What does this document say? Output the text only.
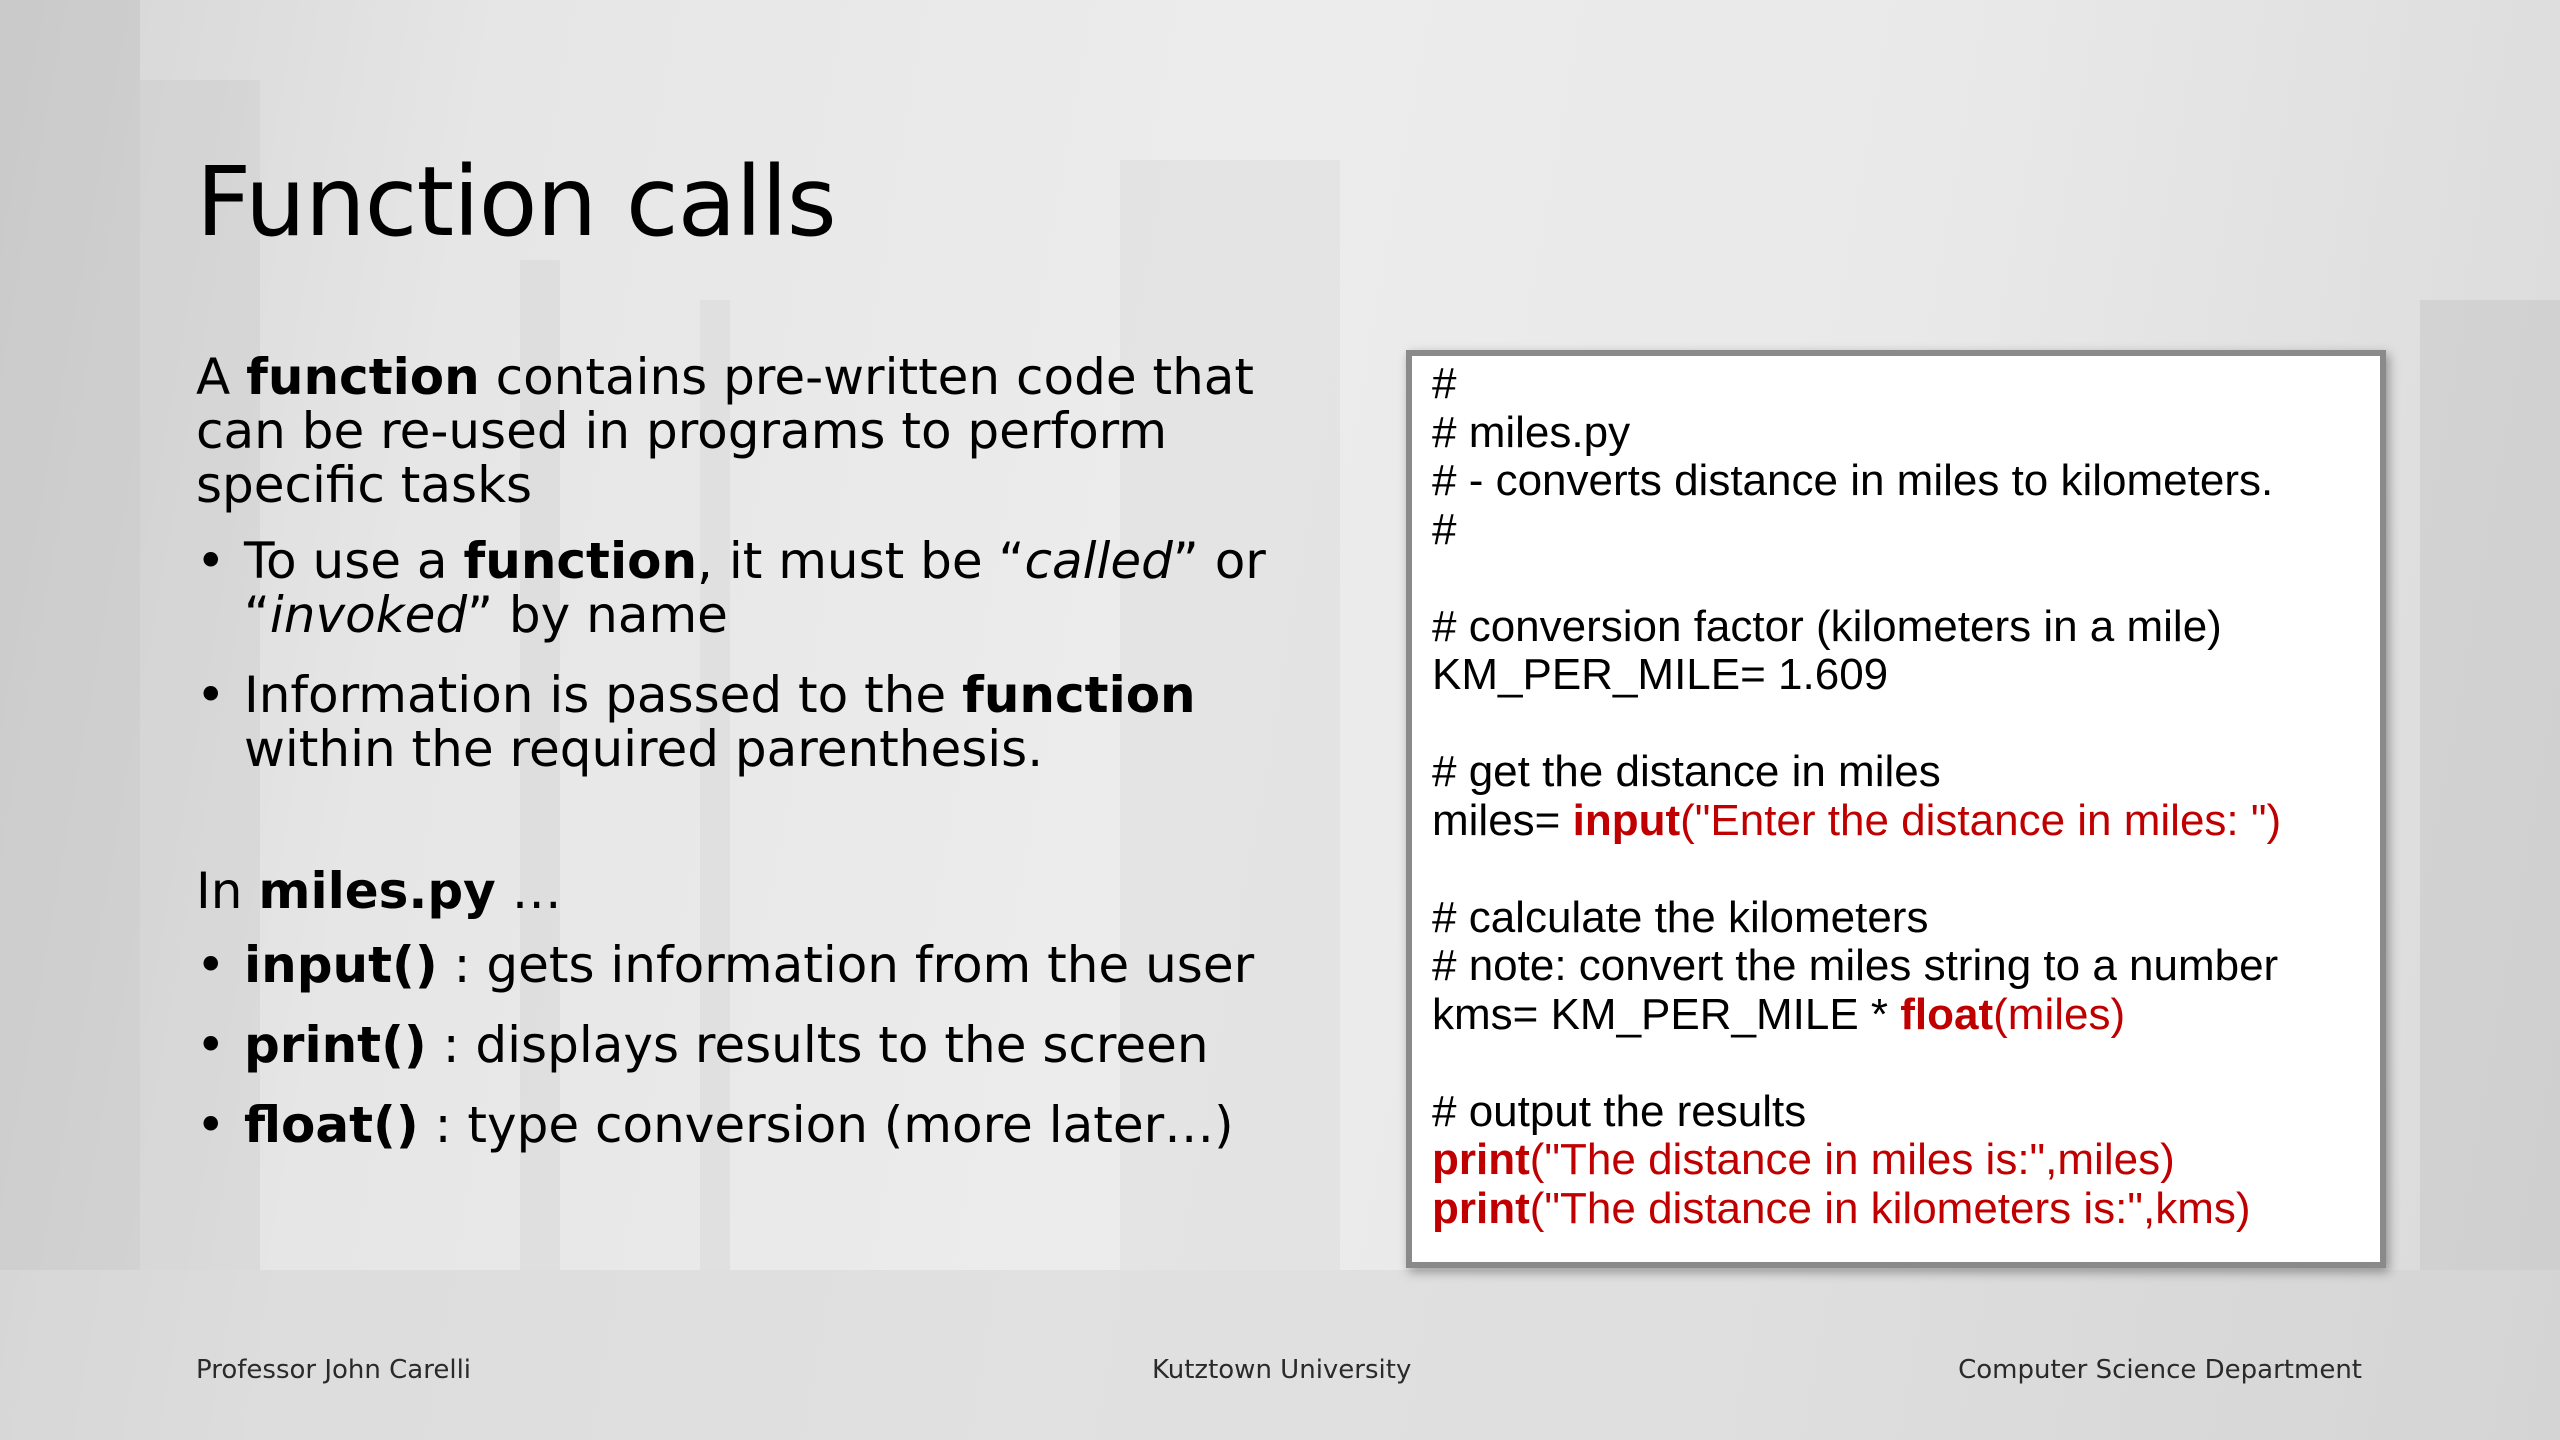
Function calls

A function contains pre-written code that can be re-used in programs to perform specific tasks

• To use a function, it must be “called” or “invoked” by name
• Information is passed to the function within the required parenthesis.

In miles.py …

• input() : gets information from the user
• print() : displays results to the screen
• float() : type conversion (more later…)
#
# miles.py
# - converts distance in miles to kilometers.
#
# conversion factor (kilometers in a mile)
KM_PER_MILE= 1.609
# get the distance in miles
miles= input("Enter the distance in miles: ")
# calculate the kilometers
# note: convert the miles string to a number
kms= KM_PER_MILE * float(miles)
# output the results
print("The distance in miles is:",miles)
print("The distance in kilometers is:",kms)
Professor John Carelli	Kutztown University	Computer Science Department
